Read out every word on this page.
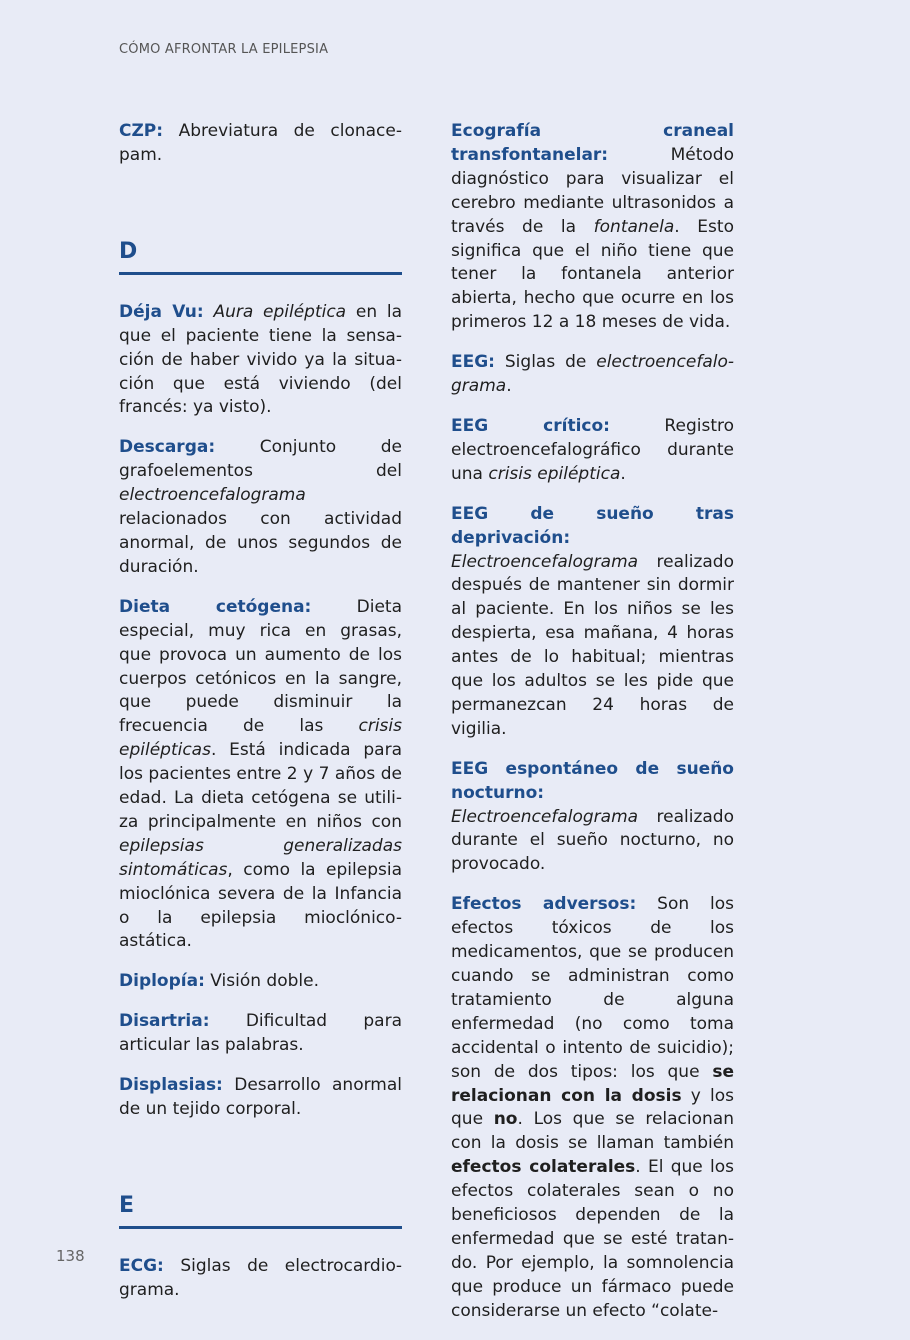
CÓMO AFRONTAR LA EPILEPSIA

CZP: Abreviatura de clonacepam.

D

Déja Vu: Aura epiléptica en la que el paciente tiene la sensación de haber vivido ya la situación que está viviendo (del francés: ya visto).

Descarga: Conjunto de grafoelementos del electroencefalograma relacionados con actividad anormal, de unos segundos de duración.

Dieta cetógena: Dieta especial, muy rica en grasas, que provoca un aumento de los cuerpos cetónicos en la sangre, que puede disminuir la frecuencia de las crisis epilépticas. Está indicada para los pacientes entre 2 y 7 años de edad. La dieta cetógena se utiliza principalmente en niños con epilepsias generalizadas sintomáticas, como la epilepsia mioclónica severa de la Infancia o la epilepsia mioclónico-astática.

Diplopía: Visión doble.

Disartria: Dificultad para articular las palabras.

Displasias: Desarrollo anormal de un tejido corporal.

E

ECG: Siglas de electrocardiograma.

Ecografía craneal transfontanelar: Método diagnóstico para visualizar el cerebro mediante ultrasonidos a través de la fontanela. Esto significa que el niño tiene que tener la fontanela anterior abierta, hecho que ocurre en los primeros 12 a 18 meses de vida.

EEG: Siglas de electroencefalograma.

EEG crítico: Registro electroencefalográfico durante una crisis epiléptica.

EEG de sueño tras deprivación: Electroencefalograma realizado después de mantener sin dormir al paciente. En los niños se les despierta, esa mañana, 4 horas antes de lo habitual; mientras que los adultos se les pide que permanezcan 24 horas de vigilia.

EEG espontáneo de sueño nocturno: Electroencefalograma realizado durante el sueño nocturno, no provocado.

Efectos adversos: Son los efectos tóxicos de los medicamentos, que se producen cuando se administran como tratamiento de alguna enfermedad (no como toma accidental o intento de suicidio); son de dos tipos: los que se relacionan con la dosis y los que no. Los que se relacionan con la dosis se llaman también efectos colaterales. El que los efectos colaterales sean o no beneficiosos dependen de la enfermedad que se esté tratando. Por ejemplo, la somnolencia que produce un fármaco puede considerarse un efecto “colate-

138
